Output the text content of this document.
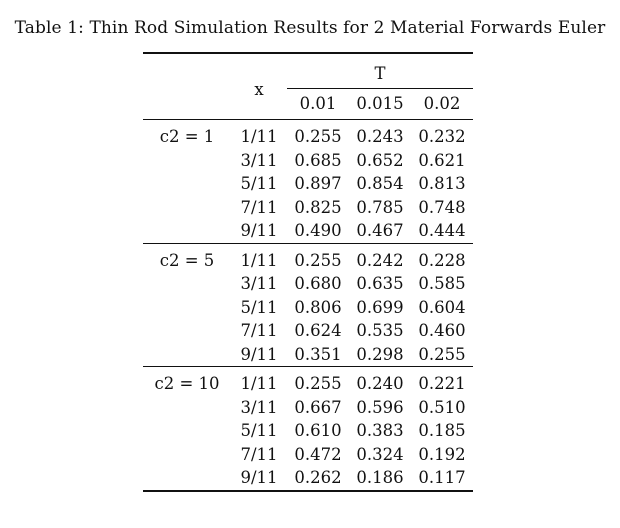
Table 1: Thin Rod Simulation Results for 2 Material Forwards Euler

	x	T		
		0.01	0.015	0.02

c2 = 1	1/11	0.255	0.243	0.232
	3/11	0.685	0.652	0.621
	5/11	0.897	0.854	0.813
	7/11	0.825	0.785	0.748
	9/11	0.490	0.467	0.444

c2 = 5	1/11	0.255	0.242	0.228
	3/11	0.680	0.635	0.585
	5/11	0.806	0.699	0.604
	7/11	0.624	0.535	0.460
	9/11	0.351	0.298	0.255

c2 = 10	1/11	0.255	0.240	0.221
	3/11	0.667	0.596	0.510
	5/11	0.610	0.383	0.185
	7/11	0.472	0.324	0.192
	9/11	0.262	0.186	0.117
